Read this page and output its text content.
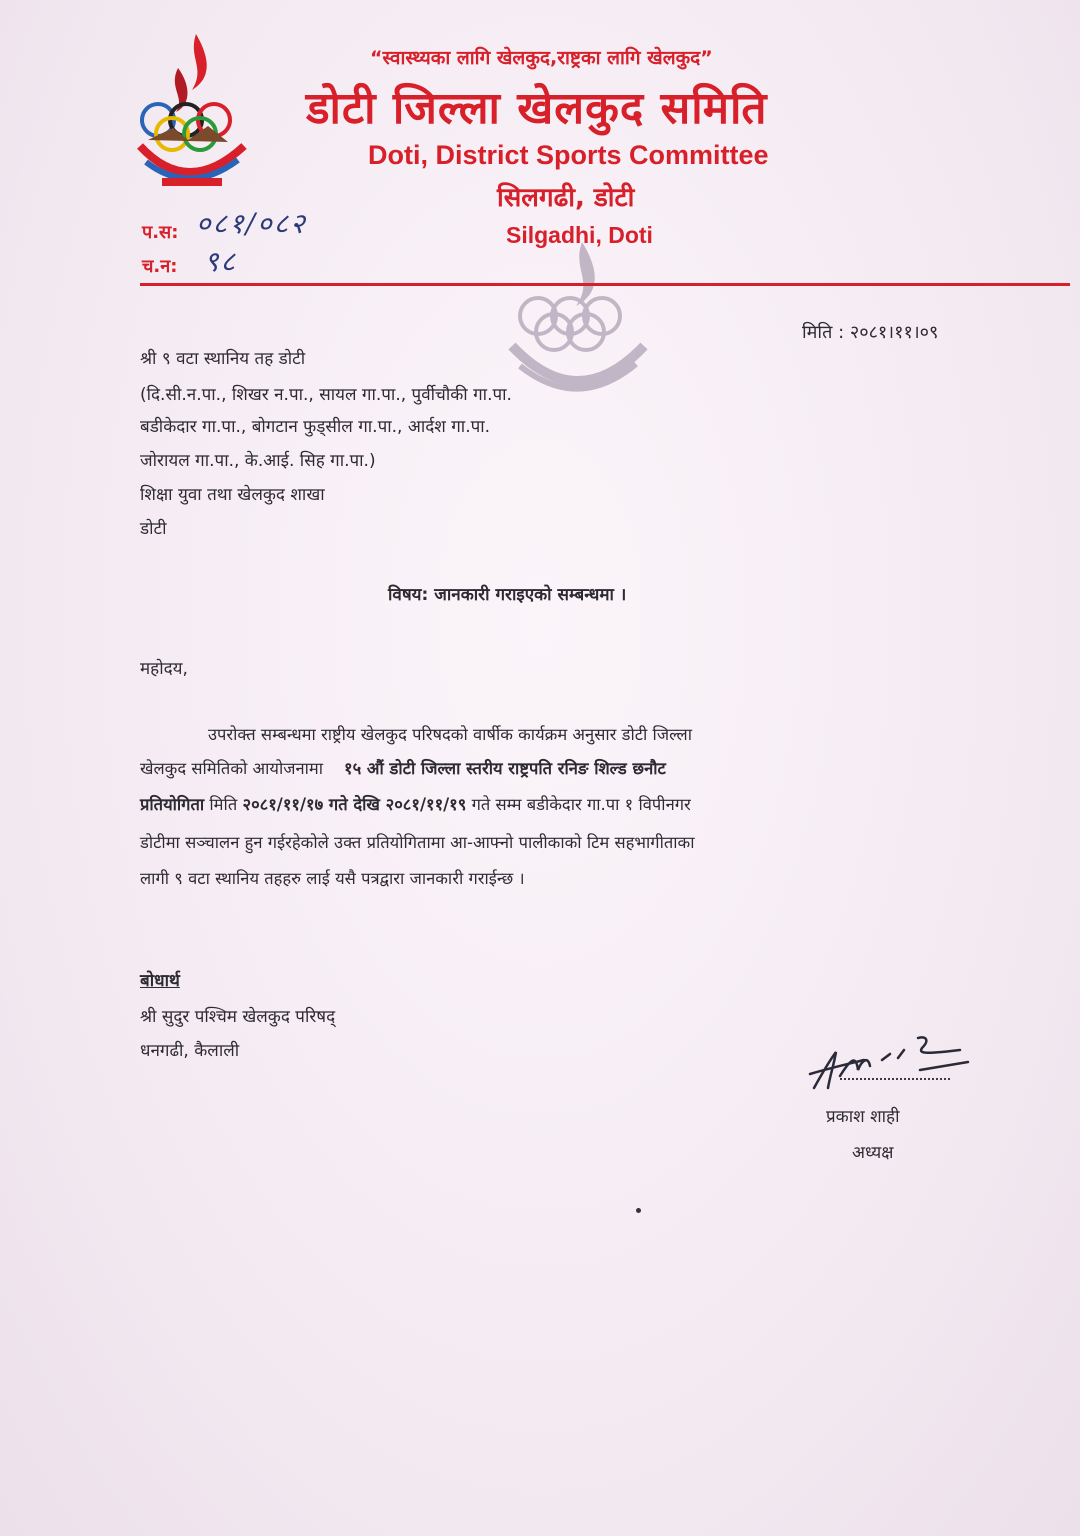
“स्वास्थ्यका लागि खेलकुद,राष्ट्रका लागि खेलकुद”
डोटी जिल्ला खेलकुद समिति
Doti, District Sports Committee
सिलगढी, डोटी
Silgadhi, Doti
प.स: ०८१/०८२
च.न: ९८
मिति : २०८१।११।०९
श्री ९ वटा स्थानिय तह डोटी
(दि.सी.न.पा., शिखर न.पा., सायल गा.पा., पुर्वीचौकी गा.पा.
बडीकेदार गा.पा., बोगटान फुड्सील गा.पा., आर्दश गा.पा.
जोरायल गा.पा., के.आई. सिह गा.पा.)
शिक्षा युवा तथा खेलकुद शाखा
डोटी
विषय: जानकारी गराइएको सम्बन्धमा ।
महोदय,
उपरोक्त सम्बन्धमा राष्ट्रीय खेलकुद परिषदको वार्षीक कार्यक्रम अनुसार डोटी जिल्ला
खेलकुद समितिको आयोजनामा १५ औं डोटी जिल्ला स्तरीय राष्ट्रपति रनिङ शिल्ड छनौट
प्रतियोगिता मिति २०८१/११/१७ गते देखि २०८१/११/१९ गते सम्म बडीकेदार गा.पा १ विपीनगर
डोटीमा सञ्चालन हुन गईरहेकोले उक्त प्रतियोगितामा आ-आफ्नो पालीकाको टिम सहभागीताका
लागी ९ वटा स्थानिय तहहरु लाई यसै पत्रद्वारा जानकारी गराईन्छ ।
बोधार्थ
श्री सुदुर पश्चिम खेलकुद परिषद्
धनगढी, कैलाली
प्रकाश शाही
अध्यक्ष
